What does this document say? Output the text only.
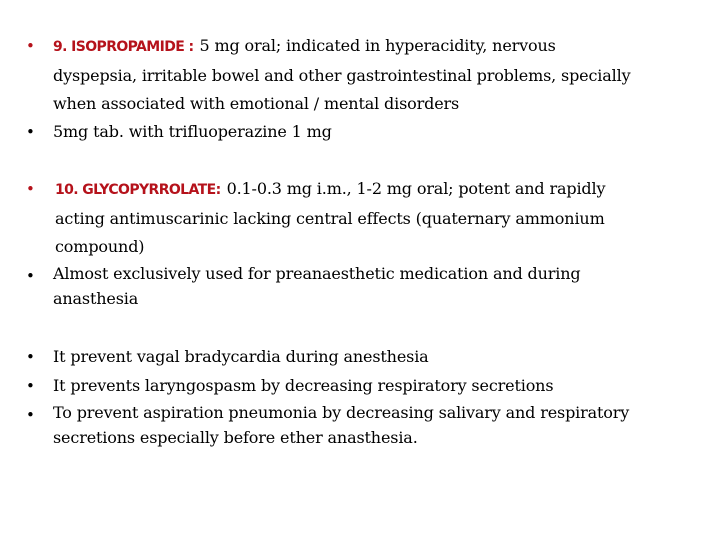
• 9. ISOPROPAMIDE : 5 mg oral; indicated in hyperacidity, nervous
dyspepsia, irritable bowel and other gastrointestinal problems, specially
when associated with emotional / mental disorders
• 5mg tab. with trifluoperazine 1 mg
• 10. GLYCOPYRROLATE: 0.1-0.3 mg i.m., 1-2 mg oral; potent and rapidly
acting antimuscarinic lacking central effects (quaternary ammonium
compound)
• Almost exclusively used for preanaesthetic medication and during
anasthesia
• It prevent vagal bradycardia during anesthesia
• It prevents laryngospasm by decreasing respiratory secretions
• To prevent aspiration pneumonia by decreasing salivary and respiratory
secretions especially before ether anasthesia.
